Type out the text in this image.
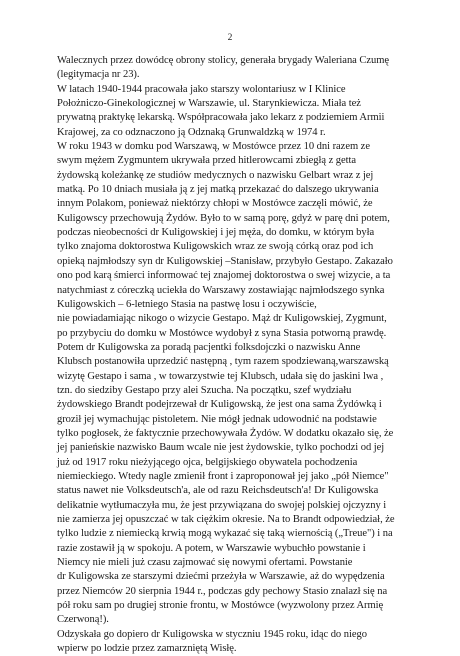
2
Walecznych przez dowódcę obrony stolicy, generała brygady Waleriana Czumę
(legitymacja nr 23).
W latach 1940-1944 pracowała jako starszy wolontariusz w I Klinice
Położniczo-Ginekologicznej w Warszawie, ul. Starynkiewicza. Miała też
prywatną praktykę lekarską. Współpracowała jako lekarz z podziemiem Armii
Krajowej, za co odznaczono ją Odznaką Grunwaldzką w 1974 r.
W roku 1943 w domku pod Warszawą, w Mostówce przez 10 dni razem ze
swym mężem Zygmuntem ukrywała przed hitlerowcami zbiegłą z getta
żydowską koleżankę ze studiów medycznych o nazwisku Gelbart wraz z jej
matką. Po 10 dniach musiała ją z jej matką przekazać do dalszego ukrywania
innym Polakom, ponieważ niektórzy chłopi w Mostówce zaczęli mówić, że
Kuligowscy przechowują Żydów. Było to w samą porę, gdyż w parę dni potem,
podczas nieobecności dr Kuligowskiej i jej męża, do domku, w którym była
tylko znajoma doktorostwa Kuligowskich wraz ze swoją córką oraz pod ich
opieką najmłodszy syn dr Kuligowskiej –Stanisław, przybyło Gestapo. Zakazało
ono pod karą śmierci informować tej znajomej doktorostwa o swej wizycie, a ta
natychmiast z córeczką uciekła do Warszawy zostawiając najmłodszego synka
Kuligowskich – 6-letniego Stasia na pastwę losu i oczywiście,
nie powiadamiając nikogo o wizycie Gestapo. Mąż dr Kuligowskiej, Zygmunt,
po przybyciu do domku w Mostówce wydobył z syna Stasia potworną prawdę.
Potem dr Kuligowska za poradą pacjentki folksdojczki o nazwisku Anne
Klubsch postanowiła uprzedzić następną , tym razem spodziewaną,warszawską
wizytę Gestapo i sama , w towarzystwie tej Klubsch, udała się do jaskini lwa ,
tzn. do siedziby Gestapo przy alei Szucha. Na początku, szef wydziału
żydowskiego Brandt podejrzewał dr Kuligowską, że jest ona sama Żydówką i
groził jej wymachując pistoletem. Nie mógł jednak udowodnić na podstawie
tylko pogłosek, że faktycznie przechowywała Żydów. W dodatku okazało się, że
jej panieńskie nazwisko Baum wcale nie jest żydowskie, tylko pochodzi od jej
już od 1917 roku nieżyjącego ojca, belgijskiego obywatela pochodzenia
niemieckiego. Wtedy nagle zmienił front i zaproponował jej jako „pół Niemce"
status nawet nie Volksdeutsch'a, ale od razu Reichsdeutsch'a! Dr Kuligowska
delikatnie wytłumaczyła mu, że jest przywiązana do swojej polskiej ojczyzny i
nie zamierza jej opuszczać w tak ciężkim okresie. Na to Brandt odpowiedział, że
tylko ludzie z niemiecką krwią mogą wykazać się taką wiernością („Treue") i na
razie zostawił ją w spokoju. A potem, w Warszawie wybuchło powstanie i
Niemcy nie mieli już czasu zajmować się nowymi ofertami. Powstanie
dr Kuligowska ze starszymi dziećmi przeżyła w Warszawie, aż do wypędzenia
przez Niemców 20 sierpnia 1944 r., podczas gdy pechowy Stasio znalazł się na
pół roku sam po drugiej stronie frontu, w Mostówce (wyzwolony przez Armię
Czerwoną!).
Odzyskała go dopiero dr Kuligowska w styczniu 1945 roku, idąc do niego
wpierw po lodzie przez zamarzniętą Wisłę.
